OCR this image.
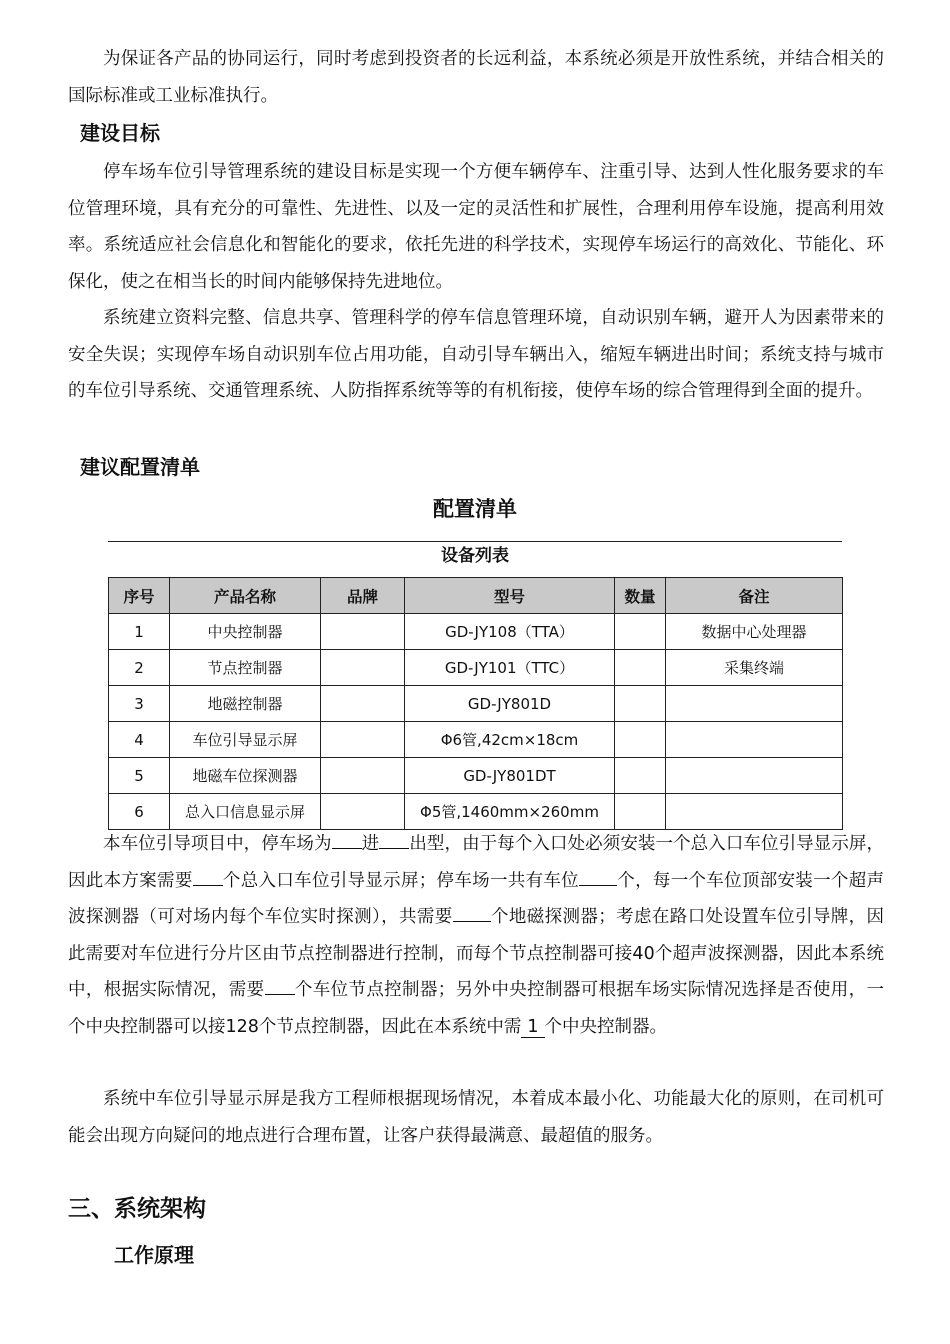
为保证各产品的协同运行，同时考虑到投资者的长远利益，本系统必须是开放性系统，并结合相关的国际标准或工业标准执行。

建设目标

停车场车位引导管理系统的建设目标是实现一个方便车辆停车、注重引导、达到人性化服务要求的车位管理环境，具有充分的可靠性、先进性、以及一定的灵活性和扩展性，合理利用停车设施，提高利用效率。系统适应社会信息化和智能化的要求，依托先进的科学技术，实现停车场运行的高效化、节能化、环保化，使之在相当长的时间内能够保持先进地位。

系统建立资料完整、信息共享、管理科学的停车信息管理环境，自动识别车辆，避开人为因素带来的安全失误；实现停车场自动识别车位占用功能，自动引导车辆出入，缩短车辆进出时间；系统支持与城市的车位引导系统、交通管理系统、人防指挥系统等等的有机衔接，使停车场的综合管理得到全面的提升。

建议配置清单
配置清单
设备列表
序号	产品名称	品牌	型号	数量	备注
1	中央控制器		GD-JY108（TTA）		数据中心处理器
2	节点控制器		GD-JY101（TTC）		采集终端
3	地磁控制器		GD-JY801D		
4	车位引导显示屏		Φ6管,42cm×18cm		
5	地磁车位探测器		GD-JY801DT		
6	总入口信息显示屏		Φ5管,1460mm×260mm		

本车位引导项目中，停车场为 进 出型，由于每个入口处必须安装一个总入口车位引导显示屏，因此本方案需要 个总入口车位引导显示屏；停车场一共有车位 个，每一个车位顶部安装一个超声波探测器（可对场内每个车位实时探测），共需要 个地磁探测器；考虑在路口处设置车位引导牌，因此需要对车位进行分片区由节点控制器进行控制，而每个节点控制器可接40个超声波探测器，因此本系统中，根据实际情况，需要 个车位节点控制器；另外中央控制器可根据车场实际情况选择是否使用，一个中央控制器可以接128个节点控制器，因此在本系统中需 1 个中央控制器。

系统中车位引导显示屏是我方工程师根据现场情况，本着成本最小化、功能最大化的原则，在司机可能会出现方向疑问的地点进行合理布置，让客户获得最满意、最超值的服务。

三、系统架构
工作原理
